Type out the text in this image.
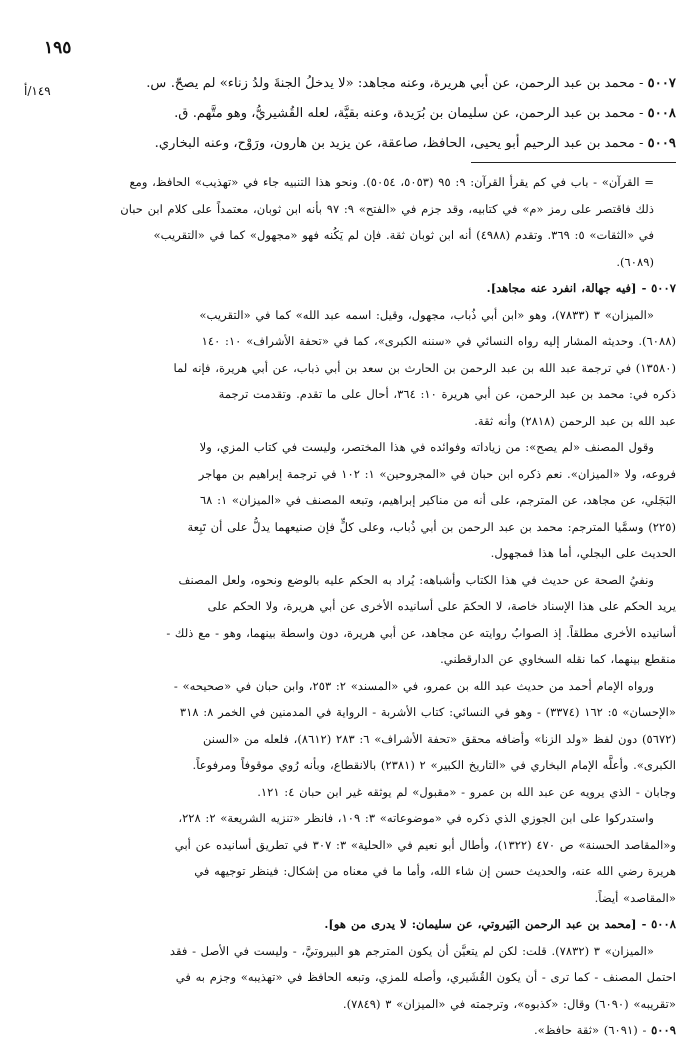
١٩٥
١٤٩/أ	٥٠٠٧ - محمد بن عبد الرحمن، عن أبي هريرة، وعنه مجاهد: «لا يدخلُ الجنةَ ولدُ زناء» لم يصحّ. س.

٥٠٠٨ - محمد بن عبد الرحمن، عن سليمان بن بُرَيدة، وعنه بقيَّة، لعله القُشيريُّ، وهو متَّهم. ق.

٥٠٠٩ - محمد بن عبد الرحيم أبو يحيى، الحافظ، صاعقة، عن يزيد بن هارون، ورَوْح، وعنه البخاري.

= القرآن» - باب في كم يقرأ القرآن: ٩: ٩٥ (٥٠٥٣، ٥٠٥٤). ونحو هذا التنبيه جاء في «تهذيب» الحافظ، ومع
ذلك فاقتصر على رمز «م» في كتابيه، وقد جزم في «الفتح» ٩: ٩٧ بأنه ابن ثوبان، معتمداً على كلام ابن حبان
في «الثقات» ٥: ٣٦٩. وتقدم (٤٩٨٨) أنه ابن ثوبان ثقة. فإن لم يَكُنه فهو «مجهول» كما في «التقريب»
(٦٠٨٩).
٥٠٠٧ - [فيه جهالة، انفرد عنه مجاهد].
«الميزان» ٣ (٧٨٣٣)، وهو «ابن أبي ذُباب، مجهول، وقيل: اسمه عبد الله» كما في «التقريب»
(٦٠٨٨). وحديثه المشار إليه رواه النسائي في «سننه الكبرى»، كما في «تحفة الأشراف» ١٠: ١٤٠
(١٣٥٨٠) في ترجمة عبد الله بن عبد الرحمن بن الحارث بن سعد بن أبي ذباب، عن أبي هريرة، فإنه لما
ذكره في: محمد بن عبد الرحمن، عن أبي هريرة ١٠: ٣٦٤، أحال على ما تقدم. وتقدمت ترجمة
عبد الله بن عبد الرحمن (٢٨١٨) وأنه ثقة.
وقول المصنف «لم يصح»: من زياداته وفوائده في هذا المختصر، وليست في كتاب المزي، ولا
فروعه، ولا «الميزان». نعم ذكره ابن حبان في «المجروحين» ١: ١٠٢ في ترجمة إبراهيم بن مهاجر
البَجَلي، عن مجاهد، عن المترجم، على أنه من مناكير إبراهيم، وتبعه المصنف في «الميزان» ١: ٦٨
(٢٢٥) وسمَّيا المترجم: محمد بن عبد الرحمن بن أبي ذُباب، وعلى كلٍّ فإن صنيعهما يدلُّ على أن تَبِعة
الحديث على البجلي، أما هذا فمجهول.
ونفيُ الصحة عن حديث في هذا الكتاب وأشباهه: يُراد به الحكم عليه بالوضع ونحوه، ولعل المصنف
يريد الحكم على هذا الإسناد خاصة، لا الحكمَ على أسانيده الأخرى عن أبي هريرة، ولا الحكم على
أسانيده الأخرى مطلقاً. إذ الصوابُ روايته عن مجاهد، عن أبي هريرة، دون واسطة بينهما، وهو - مع ذلك -
منقطع بينهما، كما نقله السخاوي عن الدارقطني.
ورواه الإمام أحمد من حديث عبد الله بن عمرو، في «المسند» ٢: ٢٥٣، وابن حبان في «صحيحه» -
«الإحسان» ٥: ١٦٢ (٣٣٧٤) - وهو في النسائي: كتاب الأشربة - الرواية في المدمنين في الخمر ٨: ٣١٨
(٥٦٧٢) دون لفظ «ولد الزنا» وأضافه محقق «تحفة الأشراف» ٦: ٢٨٣ (٨٦١٢)، فلعله من «السنن
الكبرى». وأعلَّه الإمام البخاري في «التاريخ الكبير» ٢ (٢٣٨١) بالانقطاع، وبأنه رُوي موقوفاً ومرفوعاً.
وجابان - الذي يرويه عن عبد الله بن عمرو - «مقبول» لم يوثقه غير ابن حبان ٤: ١٢١.
واستدركوا على ابن الجوزي الذي ذكره في «موضوعاته» ٣: ١٠٩، فانظر «تنزيه الشريعة» ٢: ٢٢٨،
و«المقاصد الحسنة» ص ٤٧٠ (١٣٢٢)، وأطال أبو نعيم في «الحلية» ٣: ٣٠٧ في تطريق أسانيده عن أبي
هريرة رضي الله عنه، والحديث حسن إن شاء الله، وأما ما في معناه من إشكال: فينظر توجيهه في
«المقاصد» أيضاً.
٥٠٠٨ - [محمد بن عبد الرحمن البَيروتي، عن سليمان: لا يدرى من هو].
«الميزان» ٣ (٧٨٣٢). قلت: لكن لم يتعيَّن أن يكون المترجم هو البيروتيَّ، - وليست في الأصل - فقد
احتمل المصنف - كما ترى - أن يكون القُشَيري، وأصله للمزي، وتبعه الحافظ في «تهذيبه» وجزم به في
«تقريبه» (٦٠٩٠) وقال: «كذبوه»، وترجمته في «الميزان» ٣ (٧٨٤٩).
٥٠٠٩ - (٦٠٩١) «ثقة حافظ».
